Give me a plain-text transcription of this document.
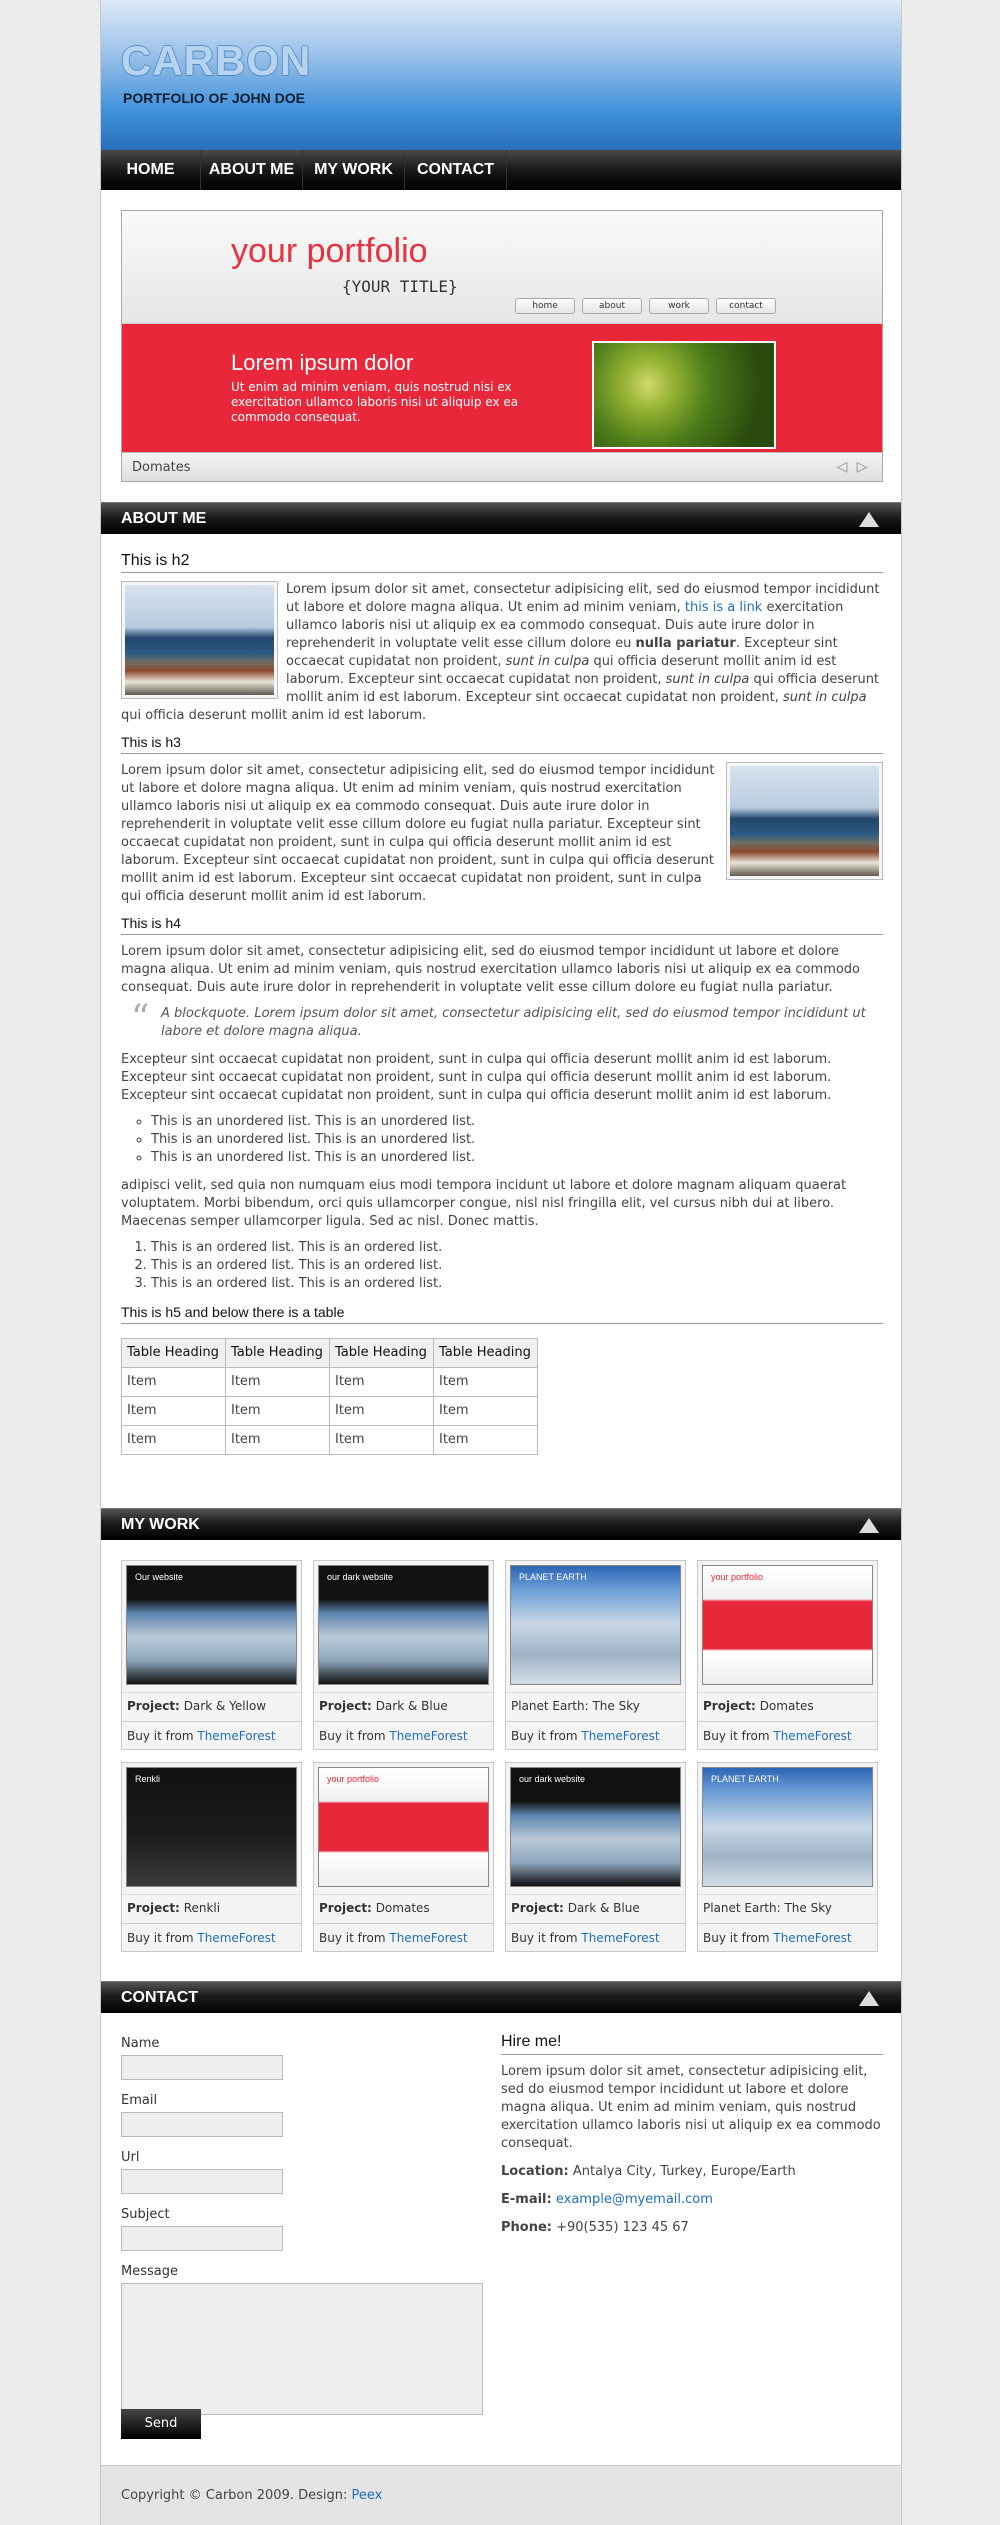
CARBON
PORTFOLIO OF JOHN DOE
HOME	ABOUT ME	MY WORK	CONTACT
your portfolio
{YOUR TITLE}
home	about	work	contact
Lorem ipsum dolor

Ut enim ad minim veniam, quis nostrud nisi ex exercitation ullamco laboris nisi ut aliquip ex ea commodo consequat.

Domates	◁ ▷
ABOUT ME
This is h2

Lorem ipsum dolor sit amet, consectetur adipisicing elit, sed do eiusmod tempor incididunt ut labore et dolore magna aliqua. Ut enim ad minim veniam, this is a link exercitation ullamco laboris nisi ut aliquip ex ea commodo consequat. Duis aute irure dolor in reprehenderit in voluptate velit esse cillum dolore eu nulla pariatur. Excepteur sint occaecat cupidatat non proident, sunt in culpa qui officia deserunt mollit anim id est laborum. Excepteur sint occaecat cupidatat non proident, sunt in culpa qui officia deserunt mollit anim id est laborum. Excepteur sint occaecat cupidatat non proident, sunt in culpa qui officia deserunt mollit anim id est laborum.

This is h3

Lorem ipsum dolor sit amet, consectetur adipisicing elit, sed do eiusmod tempor incididunt ut labore et dolore magna aliqua. Ut enim ad minim veniam, quis nostrud exercitation ullamco laboris nisi ut aliquip ex ea commodo consequat. Duis aute irure dolor in reprehenderit in voluptate velit esse cillum dolore eu fugiat nulla pariatur. Excepteur sint occaecat cupidatat non proident, sunt in culpa qui officia deserunt mollit anim id est laborum. Excepteur sint occaecat cupidatat non proident, sunt in culpa qui officia deserunt mollit anim id est laborum. Excepteur sint occaecat cupidatat non proident, sunt in culpa qui officia deserunt mollit anim id est laborum.

This is h4

Lorem ipsum dolor sit amet, consectetur adipisicing elit, sed do eiusmod tempor incididunt ut labore et dolore magna aliqua. Ut enim ad minim veniam, quis nostrud exercitation ullamco laboris nisi ut aliquip ex ea commodo consequat. Duis aute irure dolor in reprehenderit in voluptate velit esse cillum dolore eu fugiat nulla pariatur.

“ A blockquote. Lorem ipsum dolor sit amet, consectetur adipisicing elit, sed do eiusmod tempor incididunt ut labore et dolore magna aliqua.

Excepteur sint occaecat cupidatat non proident, sunt in culpa qui officia deserunt mollit anim id est laborum. Excepteur sint occaecat cupidatat non proident, sunt in culpa qui officia deserunt mollit anim id est laborum. Excepteur sint occaecat cupidatat non proident, sunt in culpa qui officia deserunt mollit anim id est laborum.

◦ This is an unordered list. This is an unordered list.
◦ This is an unordered list. This is an unordered list.
◦ This is an unordered list. This is an unordered list.

adipisci velit, sed quia non numquam eius modi tempora incidunt ut labore et dolore magnam aliquam quaerat voluptatem. Morbi bibendum, orci quis ullamcorper congue, nisl nisl fringilla elit, vel cursus nibh dui at libero. Maecenas semper ullamcorper ligula. Sed ac nisl. Donec mattis.

1. This is an ordered list. This is an ordered list.
2. This is an ordered list. This is an ordered list.
3. This is an ordered list. This is an ordered list.
This is h5 and below there is a table
Table Heading	Table Heading	Table Heading	Table Heading
Item	Item	Item	Item
Item	Item	Item	Item
Item	Item	Item	Item
MY WORK
Our website
Project: Dark & Yellow
Buy it from ThemeForest
our dark website
Project: Dark & Blue
Buy it from ThemeForest
PLANET EARTH
Planet Earth: The Sky
Buy it from ThemeForest
your portfolio
Project: Domates
Buy it from ThemeForest
Renkli
Project: Renkli
Buy it from ThemeForest
your portfolio
Project: Domates
Buy it from ThemeForest
our dark website
Project: Dark & Blue
Buy it from ThemeForest
PLANET EARTH
Planet Earth: The Sky
Buy it from ThemeForest
CONTACT
Name
Email
Url
Subject
Message
Send
Hire me!

Lorem ipsum dolor sit amet, consectetur adipisicing elit, sed do eiusmod tempor incididunt ut labore et dolore magna aliqua. Ut enim ad minim veniam, quis nostrud exercitation ullamco laboris nisi ut aliquip ex ea commodo consequat.

Location: Antalya City, Turkey, Europe/Earth

E-mail: example@myemail.com

Phone: +90(535) 123 45 67

Copyright © Carbon 2009. Design: Peex
